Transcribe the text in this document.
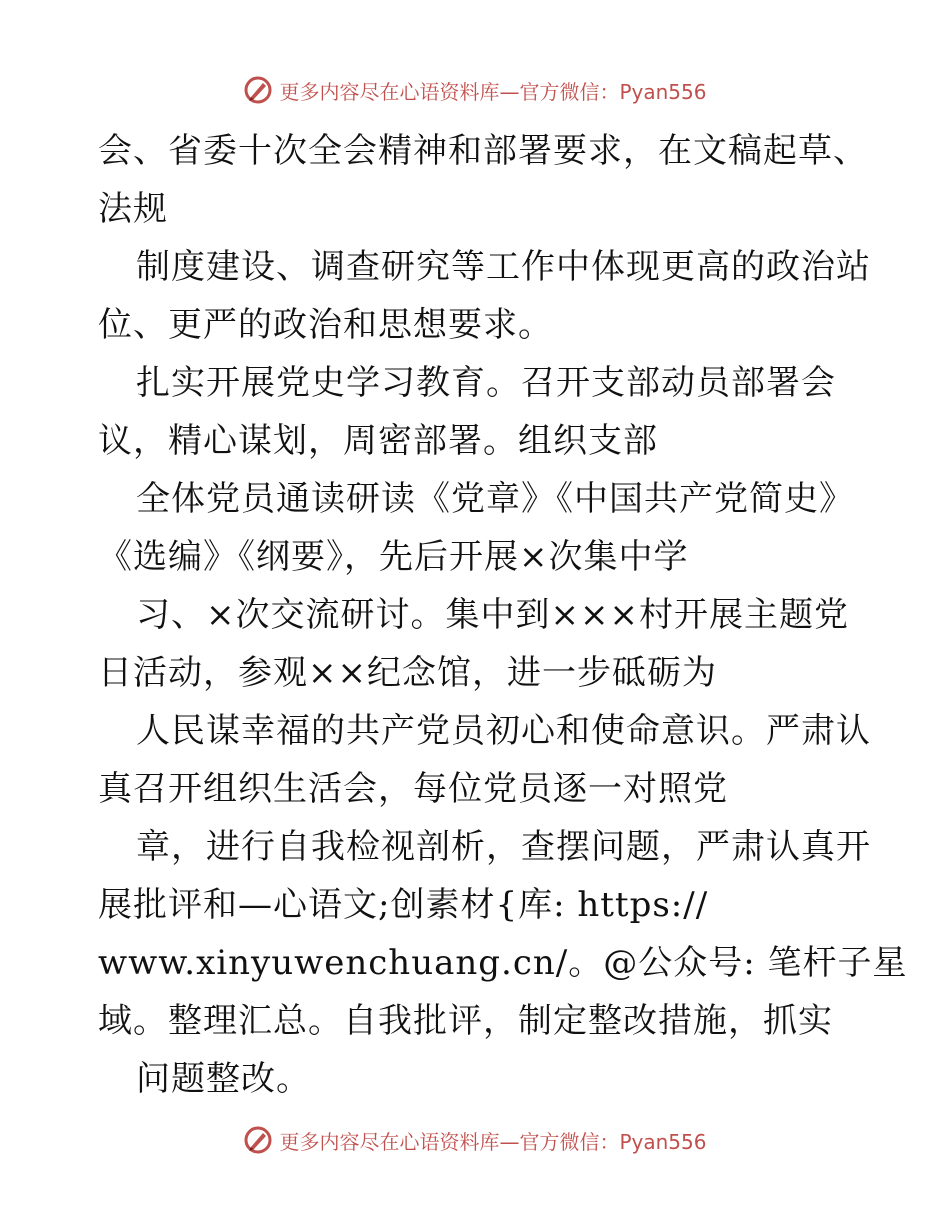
更多内容尽在心语资料库—官方微信：Pyan556
会、省委十次全会精神和部署要求，在文稿起草、
法规
制度建设、调查研究等工作中体现更高的政治站
位、更严的政治和思想要求。
扎实开展党史学习教育。召开支部动员部署会
议，精心谋划，周密部署。组织支部
全体党员通读研读《党章》《中国共产党简史》
《选编》《纲要》，先后开展×次集中学
习、×次交流研讨。集中到×××村开展主题党
日活动，参观××纪念馆，进一步砥砺为
人民谋幸福的共产党员初心和使命意识。严肃认
真召开组织生活会，每位党员逐一对照党
章，进行自我检视剖析，查摆问题，严肃认真开
展批评和—心语文;创素材{库: https://
www.xinyuwenchuang.cn/。@公众号: 笔杆子星
域。整理汇总。自我批评，制定整改措施，抓实
问题整改。
更多内容尽在心语资料库—官方微信：Pyan556
